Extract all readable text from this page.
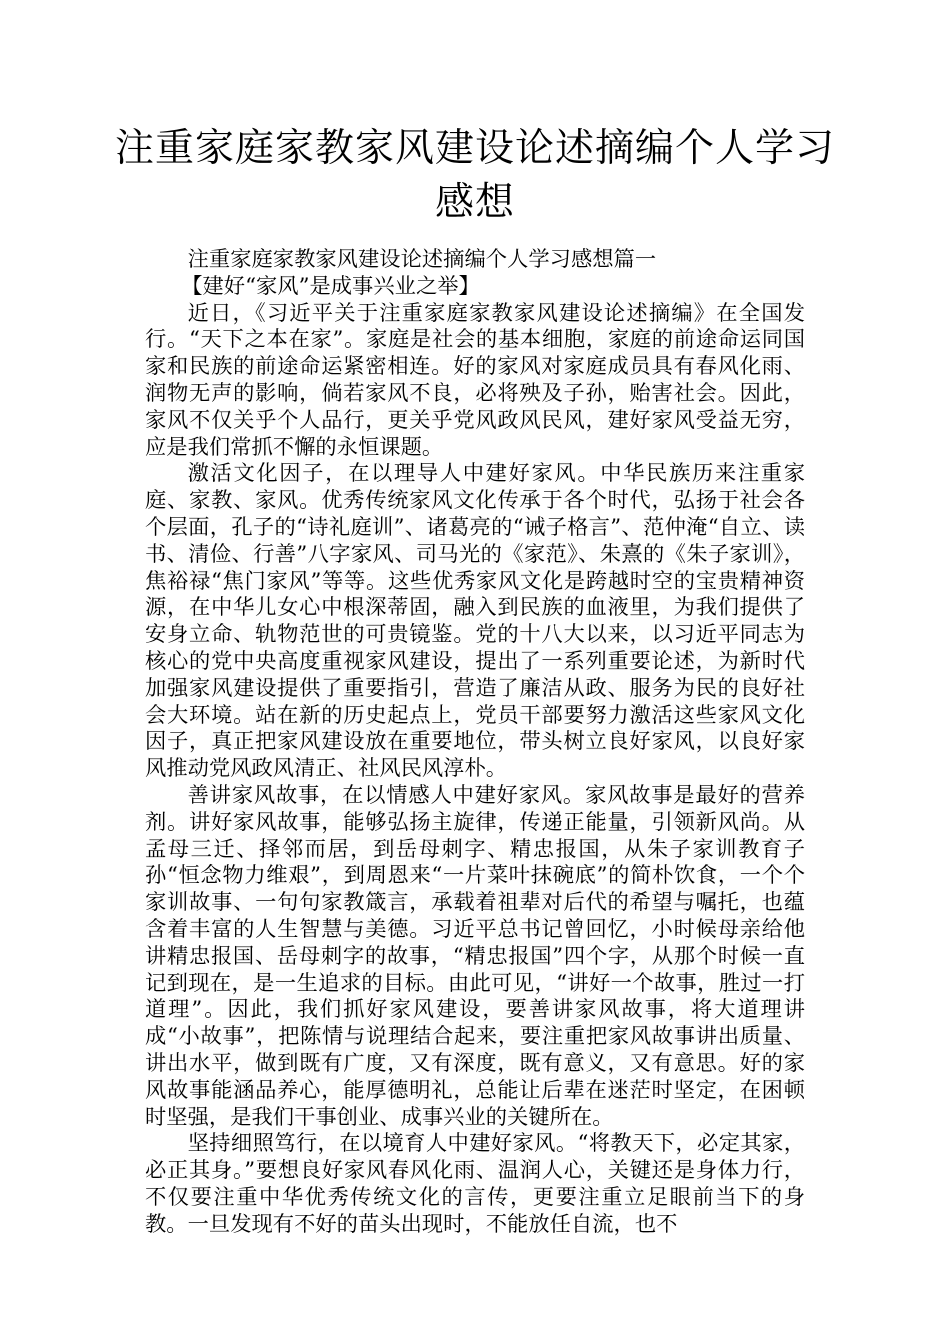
注重家庭家教家风建设论述摘编个人学习感想

注重家庭家教家风建设论述摘编个人学习感想篇一

【建好“家风”是成事兴业之举】

近日，《习近平关于注重家庭家教家风建设论述摘编》在全国发行。“天下之本在家”。家庭是社会的基本细胞，家庭的前途命运同国家和民族的前途命运紧密相连。好的家风对家庭成员具有春风化雨、润物无声的影响，倘若家风不良，必将殃及子孙，贻害社会。因此，家风不仅关乎个人品行，更关乎党风政风民风，建好家风受益无穷，应是我们常抓不懈的永恒课题。

激活文化因子，在以理导人中建好家风。中华民族历来注重家庭、家教、家风。优秀传统家风文化传承于各个时代，弘扬于社会各个层面，孔子的“诗礼庭训”、诸葛亮的“诫子格言”、范仲淹“自立、读书、清俭、行善”八字家风、司马光的《家范》、朱熹的《朱子家训》，焦裕禄“焦门家风”等等。这些优秀家风文化是跨越时空的宝贵精神资源，在中华儿女心中根深蒂固，融入到民族的血液里，为我们提供了安身立命、轨物范世的可贵镜鉴。党的十八大以来，以习近平同志为核心的党中央高度重视家风建设，提出了一系列重要论述，为新时代加强家风建设提供了重要指引，营造了廉洁从政、服务为民的良好社会大环境。站在新的历史起点上，党员干部要努力激活这些家风文化因子，真正把家风建设放在重要地位，带头树立良好家风，以良好家风推动党风政风清正、社风民风淳朴。

善讲家风故事，在以情感人中建好家风。家风故事是最好的营养剂。讲好家风故事，能够弘扬主旋律，传递正能量，引领新风尚。从孟母三迁、择邻而居，到岳母刺字、精忠报国，从朱子家训教育子孙“恒念物力维艰”，到周恩来“一片菜叶抹碗底”的简朴饮食，一个个家训故事、一句句家教箴言，承载着祖辈对后代的希望与嘱托，也蕴含着丰富的人生智慧与美德。习近平总书记曾回忆，小时候母亲给他讲精忠报国、岳母刺字的故事，“精忠报国”四个字，从那个时候一直记到现在，是一生追求的目标。由此可见，“讲好一个故事，胜过一打道理”。因此，我们抓好家风建设，要善讲家风故事，将大道理讲成“小故事”，把陈情与说理结合起来，要注重把家风故事讲出质量、讲出水平，做到既有广度，又有深度，既有意义，又有意思。好的家风故事能涵品养心，能厚德明礼，总能让后辈在迷茫时坚定，在困顿时坚强，是我们干事创业、成事兴业的关键所在。

坚持细照笃行，在以境育人中建好家风。“将教天下，必定其家，必正其身。”要想良好家风春风化雨、温润人心，关键还是身体力行，不仅要注重中华优秀传统文化的言传，更要注重立足眼前当下的身教。一旦发现有不好的苗头出现时，不能放任自流，也不
